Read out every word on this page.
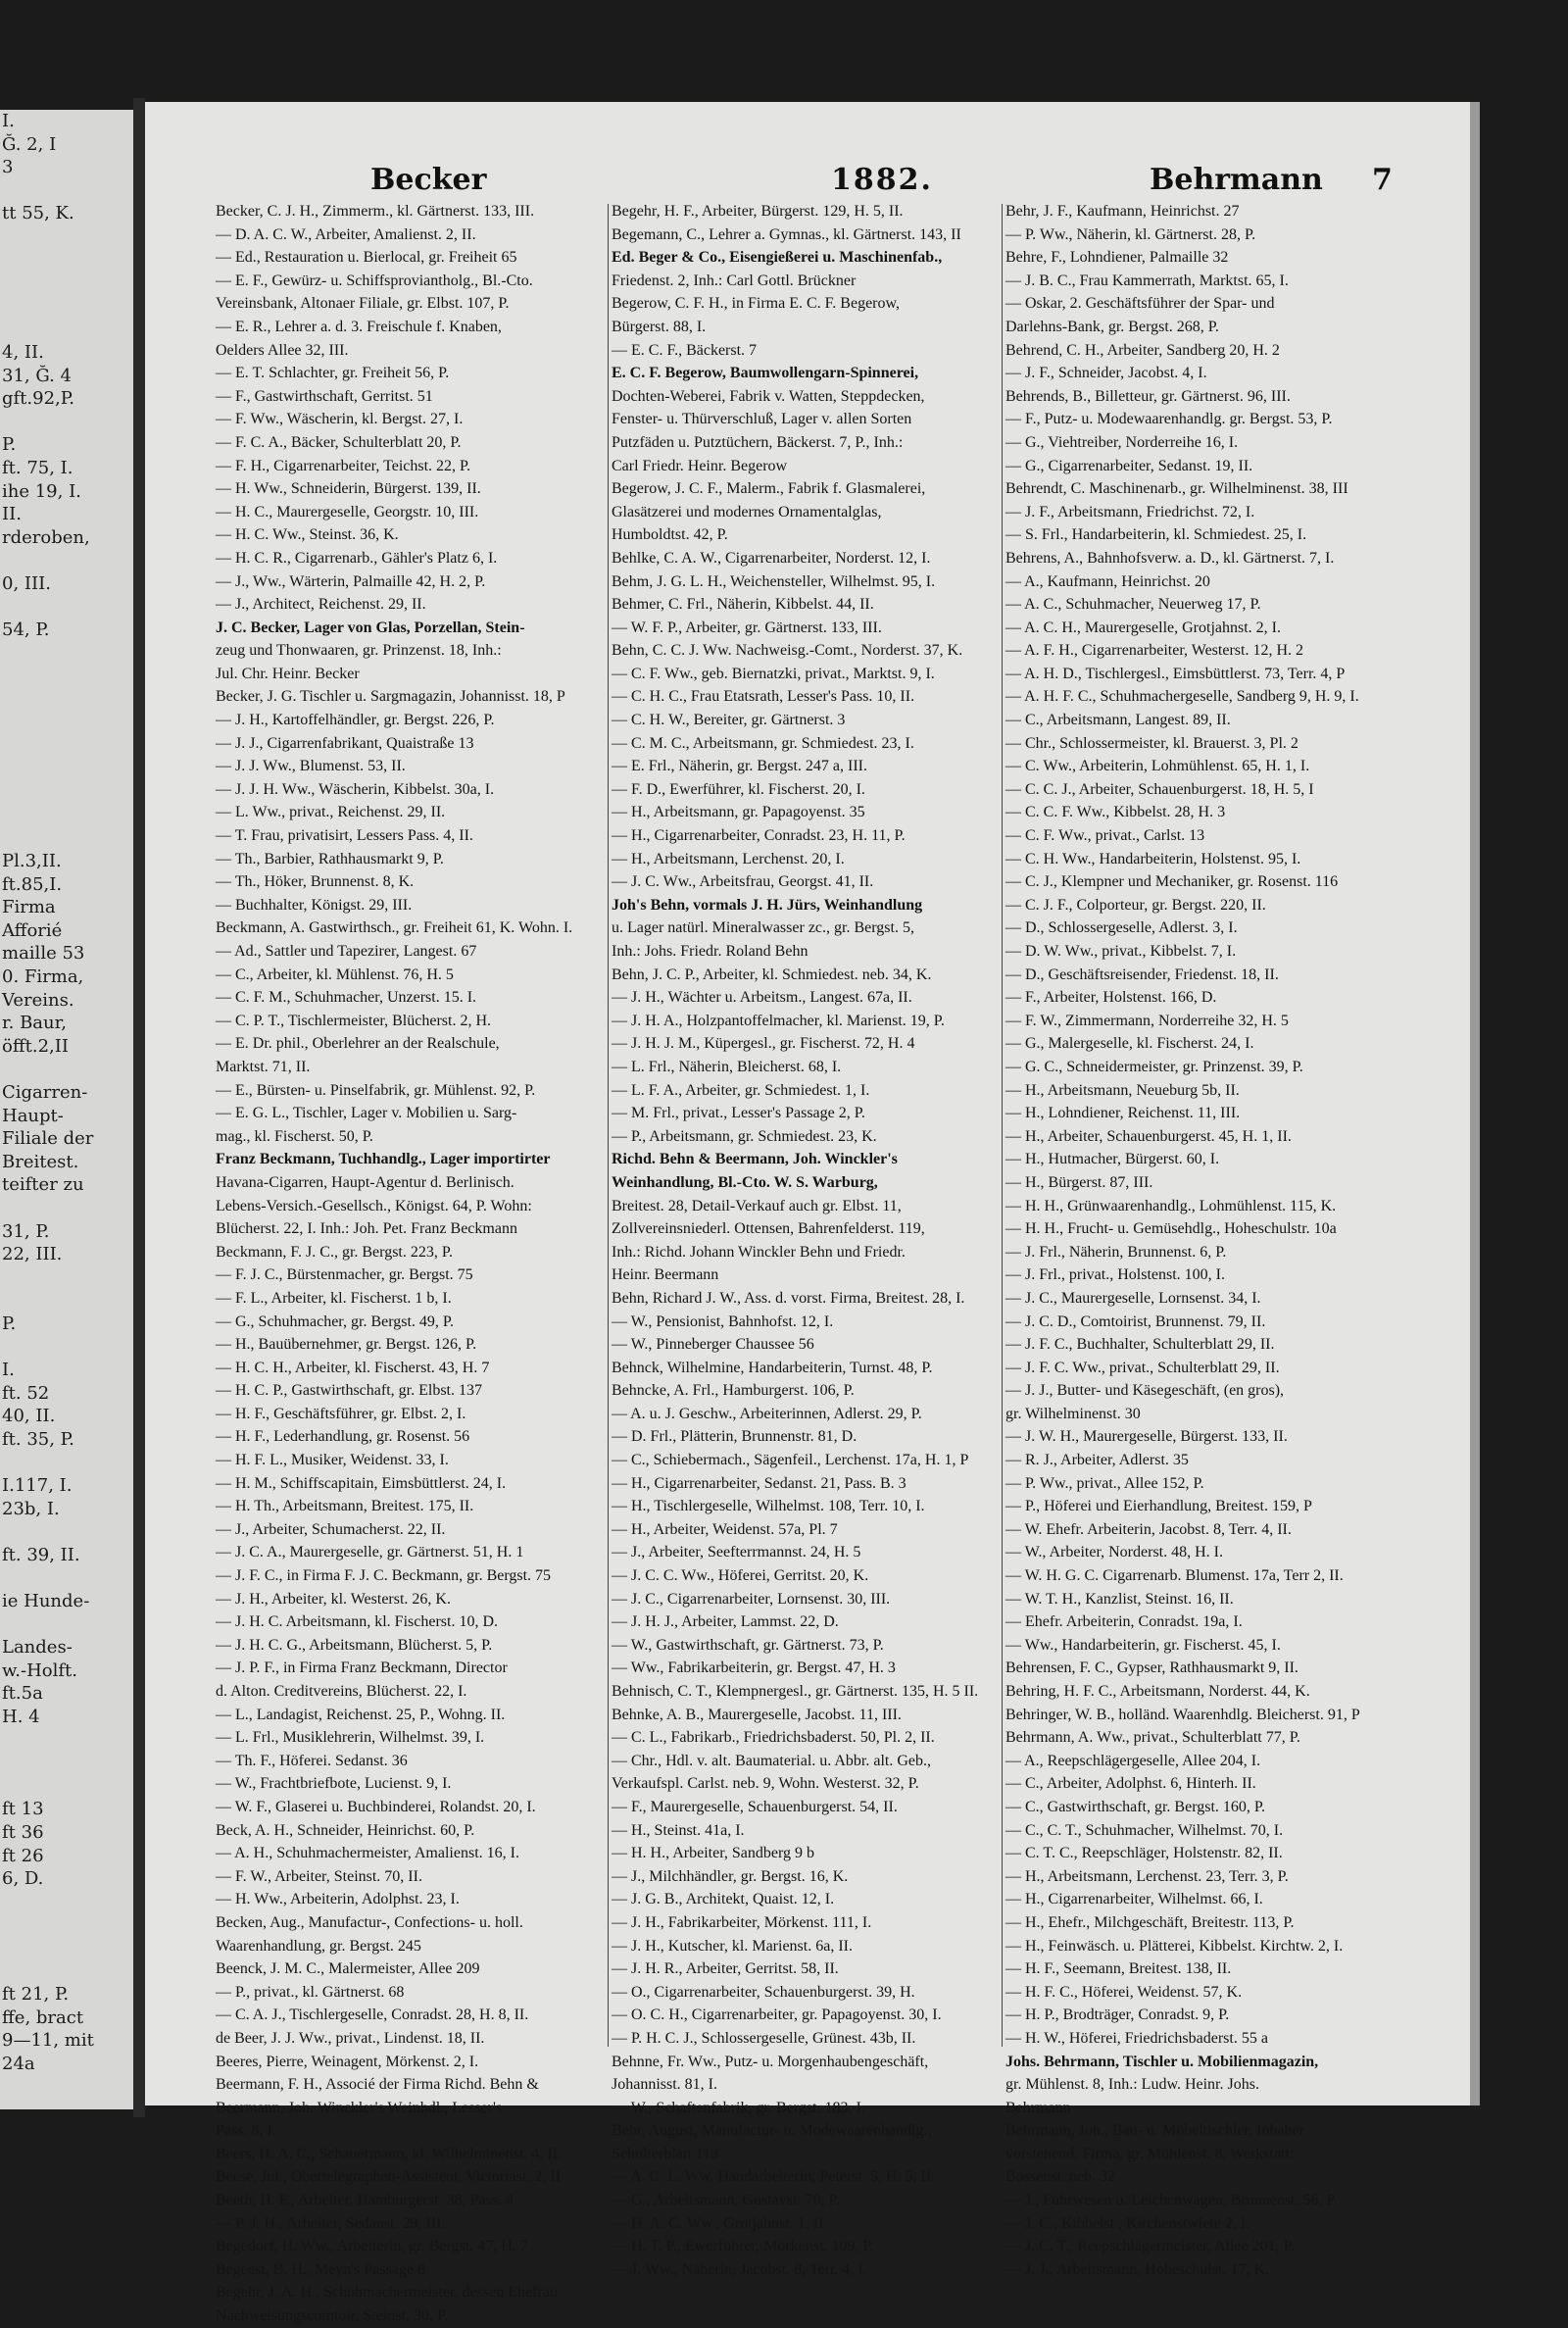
I.
Ğ. 2, I
3

tt 55, K.

4, II.
31, Ğ. 4
gft.92,P.

P.
ft. 75, I.
ihe 19, I.
II.
rderoben,

0, III.

54, P.

Pl.3,II.
ft.85,I.
Firma
Afforié
maille 53
0. Firma,
Vereins.
r. Baur,
öfft.2,II

Cigarren-
Haupt-
Filiale der
Breitest.
teifter zu

31, P.
22, III.

P.

I.
ft. 52
40, II.
ft. 35, P.

I.117, I.
23b, I.

ft. 39, II.

ie Hunde-

Landes-
w.-Holft.
ft.5a
H. 4

ft 13
ft 36
ft 26
6, D.

ft 21, P.
ffe, bract
9—11, mit
24a
Becker	1882.	Behrmann 7
Becker, C. J. H., Zimmerm., kl. Gärtnerst. 133, III.
— D. A. C. W., Arbeiter, Amalienst. 2, II.
— Ed., Restauration u. Bierlocal, gr. Freiheit 65
— E. F., Gewürz- u. Schiffsproviantholg., Bl.-Cto.
Vereinsbank, Altonaer Filiale, gr. Elbst. 107, P.
— E. R., Lehrer a. d. 3. Freischule f. Knaben,
Oelders Allee 32, III.
— E. T. Schlachter, gr. Freiheit 56, P.
— F., Gastwirthschaft, Gerritst. 51
— F. Ww., Wäscherin, kl. Bergst. 27, I.
— F. C. A., Bäcker, Schulterblatt 20, P.
— F. H., Cigarrenarbeiter, Teichst. 22, P.
— H. Ww., Schneiderin, Bürgerst. 139, II.
— H. C., Maurergeselle, Georgstr. 10, III.
— H. C. Ww., Steinst. 36, K.
— H. C. R., Cigarrenarb., Gähler's Platz 6, I.
— J., Ww., Wärterin, Palmaille 42, H. 2, P.
— J., Architect, Reichenst. 29, II.
J. C. Becker, Lager von Glas, Porzellan, Stein-
zeug und Thonwaaren, gr. Prinzenst. 18, Inh.:
Jul. Chr. Heinr. Becker
Becker, J. G. Tischler u. Sargmagazin, Johannisst. 18, P
— J. H., Kartoffelhändler, gr. Bergst. 226, P.
— J. J., Cigarrenfabrikant, Quaistraße 13
— J. J. Ww., Blumenst. 53, II.
— J. J. H. Ww., Wäscherin, Kibbelst. 30a, I.
— L. Ww., privat., Reichenst. 29, II.
— T. Frau, privatisirt, Lessers Pass. 4, II.
— Th., Barbier, Rathhausmarkt 9, P.
— Th., Höker, Brunnenst. 8, K.
— Buchhalter, Königst. 29, III.
Beckmann, A. Gastwirthsch., gr. Freiheit 61, K. Wohn. I.
— Ad., Sattler und Tapezirer, Langest. 67
— C., Arbeiter, kl. Mühlenst. 76, H. 5
— C. F. M., Schuhmacher, Unzerst. 15. I.
— C. P. T., Tischlermeister, Blücherst. 2, H.
— E. Dr. phil., Oberlehrer an der Realschule,
Marktst. 71, II.
— E., Bürsten- u. Pinselfabrik, gr. Mühlenst. 92, P.
— E. G. L., Tischler, Lager v. Mobilien u. Sarg-
mag., kl. Fischerst. 50, P.
Franz Beckmann, Tuchhandlg., Lager importirter
Havana-Cigarren, Haupt-Agentur d. Berlinisch.
Lebens-Versich.-Gesellsch., Königst. 64, P. Wohn:
Blücherst. 22, I. Inh.: Joh. Pet. Franz Beckmann
Beckmann, F. J. C., gr. Bergst. 223, P.
— F. J. C., Bürstenmacher, gr. Bergst. 75
— F. L., Arbeiter, kl. Fischerst. 1 b, I.
— G., Schuhmacher, gr. Bergst. 49, P.
— H., Bauübernehmer, gr. Bergst. 126, P.
— H. C. H., Arbeiter, kl. Fischerst. 43, H. 7
— H. C. P., Gastwirthschaft, gr. Elbst. 137
— H. F., Geschäftsführer, gr. Elbst. 2, I.
— H. F., Lederhandlung, gr. Rosenst. 56
— H. F. L., Musiker, Weidenst. 33, I.
— H. M., Schiffscapitain, Eimsbüttlerst. 24, I.
— H. Th., Arbeitsmann, Breitest. 175, II.
— J., Arbeiter, Schumacherst. 22, II.
— J. C. A., Maurergeselle, gr. Gärtnerst. 51, H. 1
— J. F. C., in Firma F. J. C. Beckmann, gr. Bergst. 75
— J. H., Arbeiter, kl. Westerst. 26, K.
— J. H. C. Arbeitsmann, kl. Fischerst. 10, D.
— J. H. C. G., Arbeitsmann, Blücherst. 5, P.
— J. P. F., in Firma Franz Beckmann, Director
d. Alton. Creditvereins, Blücherst. 22, I.
— L., Landagist, Reichenst. 25, P., Wohng. II.
— L. Frl., Musiklehrerin, Wilhelmst. 39, I.
— Th. F., Höferei. Sedanst. 36
— W., Frachtbriefbote, Lucienst. 9, I.
— W. F., Glaserei u. Buchbinderei, Rolandst. 20, I.
Beck, A. H., Schneider, Heinrichst. 60, P.
— A. H., Schuhmachermeister, Amalienst. 16, I.
— F. W., Arbeiter, Steinst. 70, II.
— H. Ww., Arbeiterin, Adolphst. 23, I.
Becken, Aug., Manufactur-, Confections- u. holl.
Waarenhandlung, gr. Bergst. 245
Beenck, J. M. C., Malermeister, Allee 209
— P., privat., kl. Gärtnerst. 68
— C. A. J., Tischlergeselle, Conradst. 28, H. 8, II.
de Beer, J. J. Ww., privat., Lindenst. 18, II.
Beeres, Pierre, Weinagent, Mörkenst. 2, I.
Beermann, F. H., Associé der Firma Richd. Behn &
Beermann, Joh. Winckler's Weinhdl., Lesser's
Pass. 8, I.
Beers, H. A. C., Schauermann, kl. Wilhelminenst. 4, II.
Beese, Jul., Obertelegraphen-Assistent, Victoriast. 2, II
Beeth, H. F., Arbeiter, Hamburgerst. 38, Pass. 4
— P. J. H., Arbeiter, Sedanst. 29, III.
Begedorf, H. Ww., Arbeiterin, gr. Bergst. 47, H. 7
Begeest, B. H., Meyn's Passage 8
Begehr, J. A. H., Schuhmachermeister, dessen Ehefrau
Nachweisungscomtoir, Steinst. 30, P.
Begehr, H. F., Arbeiter, Bürgerst. 129, H. 5, II.
Begemann, C., Lehrer a. Gymnas., kl. Gärtnerst. 143, II
Ed. Beger & Co., Eisengießerei u. Maschinenfab.,
Friedenst. 2, Inh.: Carl Gottl. Brückner
Begerow, C. F. H., in Firma E. C. F. Begerow,
Bürgerst. 88, I.
— E. C. F., Bäckerst. 7
E. C. F. Begerow, Baumwollengarn-Spinnerei,
Dochten-Weberei, Fabrik v. Watten, Steppdecken,
Fenster- u. Thürverschluß, Lager v. allen Sorten
Putzfäden u. Putztüchern, Bäckerst. 7, P., Inh.:
Carl Friedr. Heinr. Begerow
Begerow, J. C. F., Malerm., Fabrik f. Glasmalerei,
Glasätzerei und modernes Ornamentalglas,
Humboldtst. 42, P.
Behlke, C. A. W., Cigarrenarbeiter, Norderst. 12, I.
Behm, J. G. L. H., Weichensteller, Wilhelmst. 95, I.
Behmer, C. Frl., Näherin, Kibbelst. 44, II.
— W. F. P., Arbeiter, gr. Gärtnerst. 133, III.
Behn, C. C. J. Ww. Nachweisg.-Comt., Norderst. 37, K.
— C. F. Ww., geb. Biernatzki, privat., Marktst. 9, I.
— C. H. C., Frau Etatsrath, Lesser's Pass. 10, II.
— C. H. W., Bereiter, gr. Gärtnerst. 3
— C. M. C., Arbeitsmann, gr. Schmiedest. 23, I.
— E. Frl., Näherin, gr. Bergst. 247 a, III.
— F. D., Ewerführer, kl. Fischerst. 20, I.
— H., Arbeitsmann, gr. Papagoyenst. 35
— H., Cigarrenarbeiter, Conradst. 23, H. 11, P.
— H., Arbeitsmann, Lerchenst. 20, I.
— J. C. Ww., Arbeitsfrau, Georgst. 41, II.
Joh's Behn, vormals J. H. Jürs, Weinhandlung
u. Lager natürl. Mineralwasser zc., gr. Bergst. 5,
Inh.: Johs. Friedr. Roland Behn
Behn, J. C. P., Arbeiter, kl. Schmiedest. neb. 34, K.
— J. H., Wächter u. Arbeitsm., Langest. 67a, II.
— J. H. A., Holzpantoffelmacher, kl. Marienst. 19, P.
— J. H. J. M., Küpergesl., gr. Fischerst. 72, H. 4
— L. Frl., Näherin, Bleicherst. 68, I.
— L. F. A., Arbeiter, gr. Schmiedest. 1, I.
— M. Frl., privat., Lesser's Passage 2, P.
— P., Arbeitsmann, gr. Schmiedest. 23, K.
Richd. Behn & Beermann, Joh. Winckler's
Weinhandlung, Bl.-Cto. W. S. Warburg,
Breitest. 28, Detail-Verkauf auch gr. Elbst. 11,
Zollvereinsniederl. Ottensen, Bahrenfelderst. 119,
Inh.: Richd. Johann Winckler Behn und Friedr.
Heinr. Beermann
Behn, Richard J. W., Ass. d. vorst. Firma, Breitest. 28, I.
— W., Pensionist, Bahnhofst. 12, I.
— W., Pinneberger Chaussee 56
Behnck, Wilhelmine, Handarbeiterin, Turnst. 48, P.
Behncke, A. Frl., Hamburgerst. 106, P.
— A. u. J. Geschw., Arbeiterinnen, Adlerst. 29, P.
— D. Frl., Plätterin, Brunnenstr. 81, D.
— C., Schiebermach., Sägenfeil., Lerchenst. 17a, H. 1, P
— H., Cigarrenarbeiter, Sedanst. 21, Pass. B. 3
— H., Tischlergeselle, Wilhelmst. 108, Terr. 10, I.
— H., Arbeiter, Weidenst. 57a, Pl. 7
— J., Arbeiter, Seefterrmannst. 24, H. 5
— J. C. C. Ww., Höferei, Gerritst. 20, K.
— J. C., Cigarrenarbeiter, Lornsenst. 30, III.
— J. H. J., Arbeiter, Lammst. 22, D.
— W., Gastwirthschaft, gr. Gärtnerst. 73, P.
— Ww., Fabrikarbeiterin, gr. Bergst. 47, H. 3
Behnisch, C. T., Klempnergesl., gr. Gärtnerst. 135, H. 5 II.
Behnke, A. B., Maurergeselle, Jacobst. 11, III.
— C. L., Fabrikarb., Friedrichsbaderst. 50, Pl. 2, II.
— Chr., Hdl. v. alt. Baumaterial. u. Abbr. alt. Geb.,
Verkaufspl. Carlst. neb. 9, Wohn. Westerst. 32, P.
— F., Maurergeselle, Schauenburgerst. 54, II.
— H., Steinst. 41a, I.
— H. H., Arbeiter, Sandberg 9 b
— J., Milchhändler, gr. Bergst. 16, K.
— J. G. B., Architekt, Quaist. 12, I.
— J. H., Fabrikarbeiter, Mörkenst. 111, I.
— J. H., Kutscher, kl. Marienst. 6a, II.
— J. H. R., Arbeiter, Gerritst. 58, II.
— O., Cigarrenarbeiter, Schauenburgerst. 39, H.
— O. C. H., Cigarrenarbeiter, gr. Papagoyenst. 30, I.
— P. H. C. J., Schlossergeselle, Grünest. 43b, II.
Behnne, Fr. Ww., Putz- u. Morgenhaubengeschäft,
Johannisst. 81, I.
— W., Schaftenfabrik, gr. Bergst. 183, I.
Behr, August, Manufactur- u. Modewaarenhandlg.,
Schulterblatt 113
— A. C. L. Ww. Handarbeiterin, Peterst. 5, H. 5, II.
— G., Arbeitsmann, Gustavst. 70, P.
— H. A. C. Ww., Grotjahnst. 1, II.
— H. T. P., Ewerführer, Mörkenst. 109, P.
— J. Ww., Näherin, Jacobst. 8, Terr. 4, I.
Behr, J. F., Kaufmann, Heinrichst. 27
— P. Ww., Näherin, kl. Gärtnerst. 28, P.
Behre, F., Lohndiener, Palmaille 32
— J. B. C., Frau Kammerrath, Marktst. 65, I.
— Oskar, 2. Geschäftsführer der Spar- und
Darlehns-Bank, gr. Bergst. 268, P.
Behrend, C. H., Arbeiter, Sandberg 20, H. 2
— J. F., Schneider, Jacobst. 4, I.
Behrends, B., Billetteur, gr. Gärtnerst. 96, III.
— F., Putz- u. Modewaarenhandlg. gr. Bergst. 53, P.
— G., Viehtreiber, Norderreihe 16, I.
— G., Cigarrenarbeiter, Sedanst. 19, II.
Behrendt, C. Maschinenarb., gr. Wilhelminenst. 38, III
— J. F., Arbeitsmann, Friedrichst. 72, I.
— S. Frl., Handarbeiterin, kl. Schmiedest. 25, I.
Behrens, A., Bahnhofsverw. a. D., kl. Gärtnerst. 7, I.
— A., Kaufmann, Heinrichst. 20
— A. C., Schuhmacher, Neuerweg 17, P.
— A. C. H., Maurergeselle, Grotjahnst. 2, I.
— A. F. H., Cigarrenarbeiter, Westerst. 12, H. 2
— A. H. D., Tischlergesl., Eimsbüttlerst. 73, Terr. 4, P
— A. H. F. C., Schuhmachergeselle, Sandberg 9, H. 9, I.
— C., Arbeitsmann, Langest. 89, II.
— Chr., Schlossermeister, kl. Brauerst. 3, Pl. 2
— C. Ww., Arbeiterin, Lohmühlenst. 65, H. 1, I.
— C. C. J., Arbeiter, Schauenburgerst. 18, H. 5, I
— C. C. F. Ww., Kibbelst. 28, H. 3
— C. F. Ww., privat., Carlst. 13
— C. H. Ww., Handarbeiterin, Holstenst. 95, I.
— C. J., Klempner und Mechaniker, gr. Rosenst. 116
— C. J. F., Colporteur, gr. Bergst. 220, II.
— D., Schlossergeselle, Adlerst. 3, I.
— D. W. Ww., privat., Kibbelst. 7, I.
— D., Geschäftsreisender, Friedenst. 18, II.
— F., Arbeiter, Holstenst. 166, D.
— F. W., Zimmermann, Norderreihe 32, H. 5
— G., Malergeselle, kl. Fischerst. 24, I.
— G. C., Schneidermeister, gr. Prinzenst. 39, P.
— H., Arbeitsmann, Neueburg 5b, II.
— H., Lohndiener, Reichenst. 11, III.
— H., Arbeiter, Schauenburgerst. 45, H. 1, II.
— H., Hutmacher, Bürgerst. 60, I.
— H., Bürgerst. 87, III.
— H. H., Grünwaarenhandlg., Lohmühlenst. 115, K.
— H. H., Frucht- u. Gemüsehdlg., Hoheschulstr. 10a
— J. Frl., Näherin, Brunnenst. 6, P.
— J. Frl., privat., Holstenst. 100, I.
— J. C., Maurergeselle, Lornsenst. 34, I.
— J. C. D., Comtoirist, Brunnenst. 79, II.
— J. F. C., Buchhalter, Schulterblatt 29, II.
— J. F. C. Ww., privat., Schulterblatt 29, II.
— J. J., Butter- und Käsegeschäft, (en gros),
gr. Wilhelminenst. 30
— J. W. H., Maurergeselle, Bürgerst. 133, II.
— R. J., Arbeiter, Adlerst. 35
— P. Ww., privat., Allee 152, P.
— P., Höferei und Eierhandlung, Breitest. 159, P
— W. Ehefr. Arbeiterin, Jacobst. 8, Terr. 4, II.
— W., Arbeiter, Norderst. 48, H. I.
— W. H. G. C. Cigarrenarb. Blumenst. 17a, Terr 2, II.
— W. T. H., Kanzlist, Steinst. 16, II.
— Ehefr. Arbeiterin, Conradst. 19a, I.
— Ww., Handarbeiterin, gr. Fischerst. 45, I.
Behrensen, F. C., Gypser, Rathhausmarkt 9, II.
Behring, H. F. C., Arbeitsmann, Norderst. 44, K.
Behringer, W. B., holländ. Waarenhdlg. Bleicherst. 91, P
Behrmann, A. Ww., privat., Schulterblatt 77, P.
— A., Reepschlägergeselle, Allee 204, I.
— C., Arbeiter, Adolphst. 6, Hinterh. II.
— C., Gastwirthschaft, gr. Bergst. 160, P.
— C., C. T., Schuhmacher, Wilhelmst. 70, I.
— C. T. C., Reepschläger, Holstenstr. 82, II.
— H., Arbeitsmann, Lerchenst. 23, Terr. 3, P.
— H., Cigarrenarbeiter, Wilhelmst. 66, I.
— H., Ehefr., Milchgeschäft, Breitestr. 113, P.
— H., Feinwäsch. u. Plätterei, Kibbelst. Kirchtw. 2, I.
— H. F., Seemann, Breitest. 138, II.
— H. F. C., Höferei, Weidenst. 57, K.
— H. P., Brodträger, Conradst. 9, P.
— H. W., Höferei, Friedrichsbaderst. 55 a
Johs. Behrmann, Tischler u. Mobilienmagazin,
gr. Mühlenst. 8, Inh.: Ludw. Heinr. Johs.
Behrmann
Behrmann, Joh., Bau- u. Möbeltischler, Inhaber
vorstehend. Firma, gr. Mühlenst. 8, Werkstatt:
Bossenst. neb. 32
— J., Fuhrwesen u. Leichenwagen, Brunnenst. 56, P.
— J. C., Kibbelst., Kirchenstwiete 2, I.
— J. C. T., Reepschlägermeister, Allee 201, P.
— J. J., Arbeitsmann, Hoheschulst. 17, K.
